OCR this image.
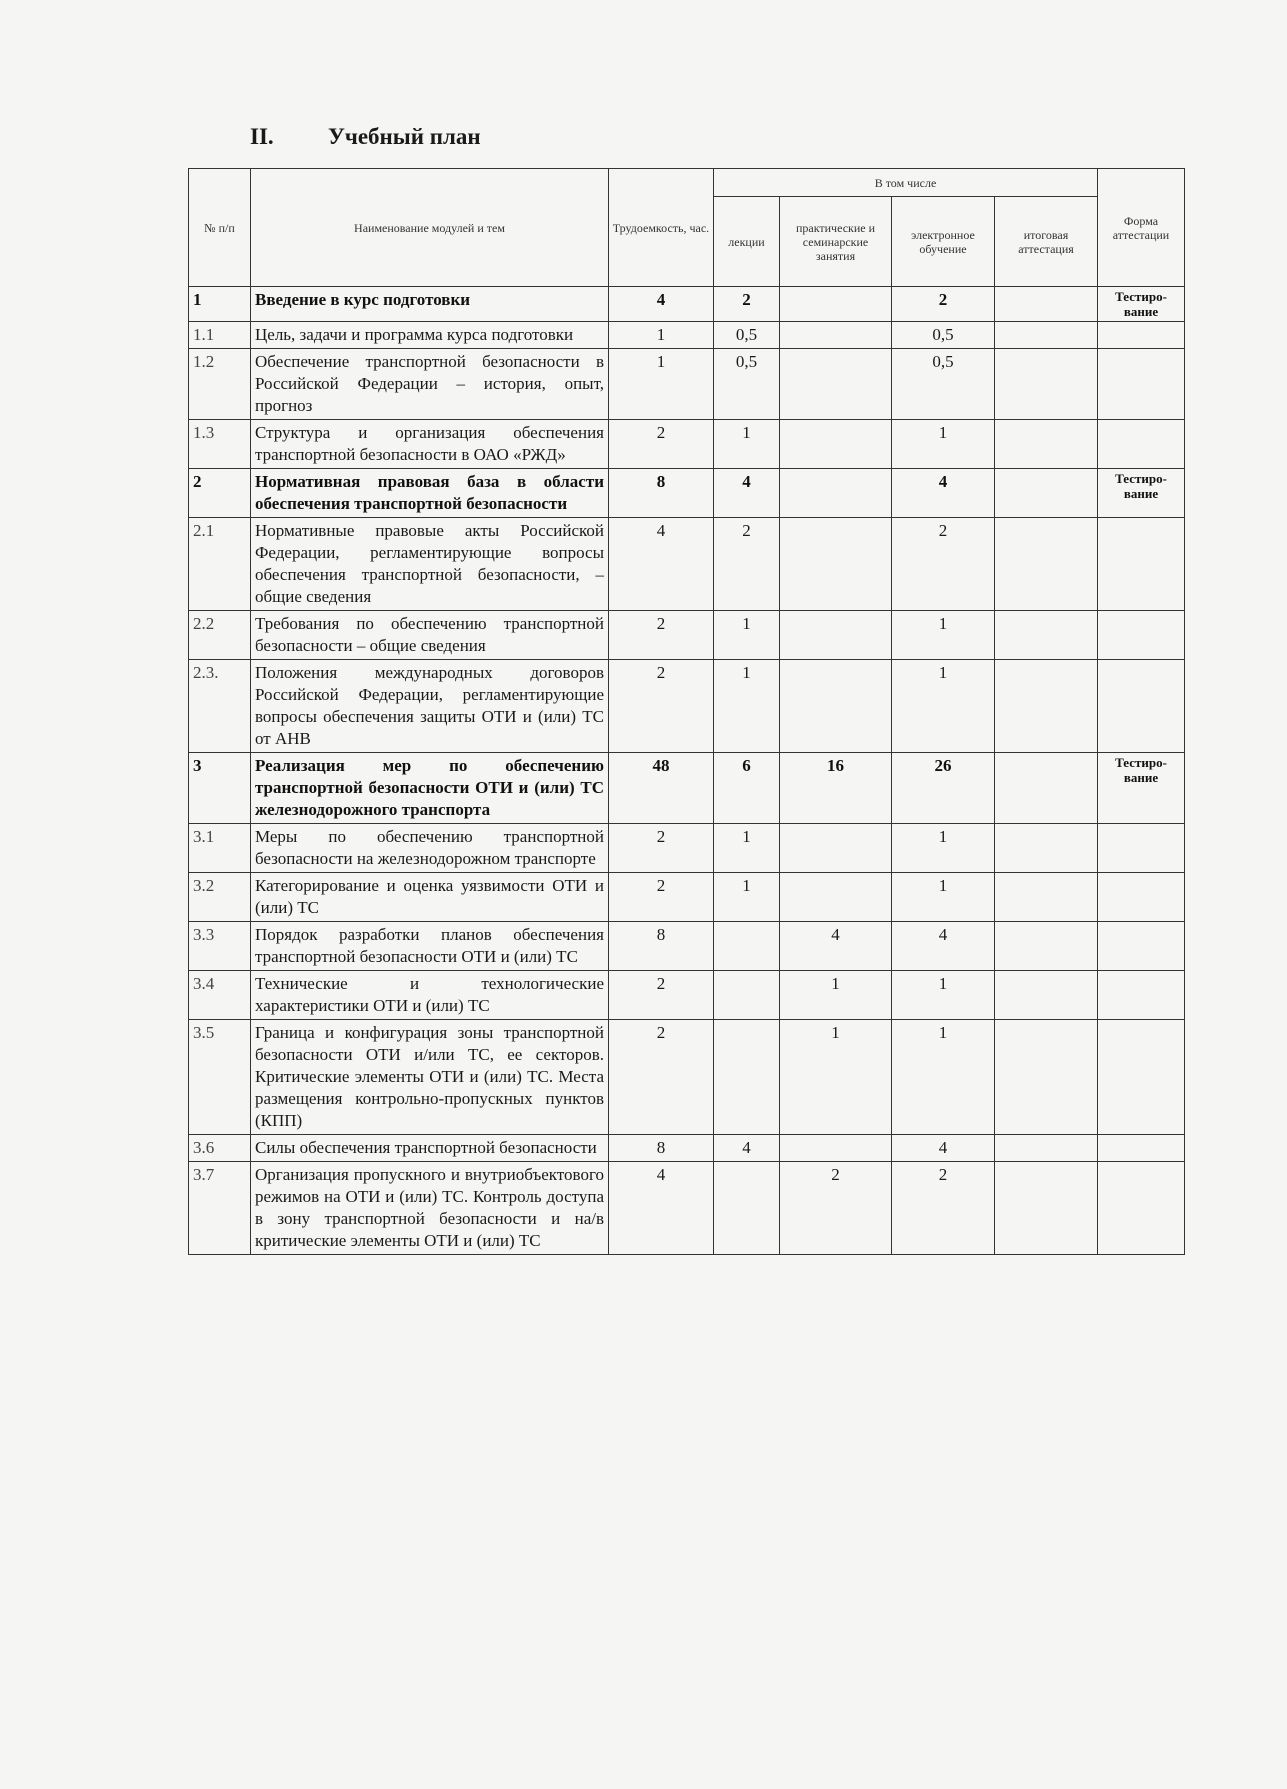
II. Учебный план
№ п/п	Наименование модулей и тем	Трудоемкость, час.	В том числе				Форма аттестации
			лекции	практические и семинарские занятия	электронное обучение	итоговая аттестация	
1	Введение в курс подготовки	4	2		2		Тестиро-вание
1.1	Цель, задачи и программа курса подготовки	1	0,5		0,5		
1.2	Обеспечение транспортной безопасности в Российской Федерации – история, опыт, прогноз	1	0,5		0,5		
1.3	Структура и организация обеспечения транспортной безопасности в ОАО «РЖД»	2	1		1		
2	Нормативная правовая база в области обеспечения транспортной безопасности	8	4		4		Тестиро-вание
2.1	Нормативные правовые акты Российской Федерации, регламентирующие вопросы обеспечения транспортной безопасности, – общие сведения	4	2		2		
2.2	Требования по обеспечению транспортной безопасности – общие сведения	2	1		1		
2.3.	Положения международных договоров Российской Федерации, регламентирующие вопросы обеспечения защиты ОТИ и (или) ТС от АНВ	2	1		1		
3	Реализация мер по обеспечению транспортной безопасности ОТИ и (или) ТС железнодорожного транспорта	48	6	16	26		Тестиро-вание
3.1	Меры по обеспечению транспортной безопасности на железнодорожном транспорте	2	1		1		
3.2	Категорирование и оценка уязвимости ОТИ и (или) ТС	2	1		1		
3.3	Порядок разработки планов обеспечения транспортной безопасности ОТИ и (или) ТС	8		4	4		
3.4	Технические и технологические характеристики ОТИ и (или) ТС	2		1	1		
3.5	Граница и конфигурация зоны транспортной безопасности ОТИ и/или ТС, ее секторов. Критические элементы ОТИ и (или) ТС. Места размещения контрольно-пропускных пунктов (КПП)	2		1	1		
3.6	Силы обеспечения транспортной безопасности	8	4		4		
3.7	Организация пропускного и внутриобъектового режимов на ОТИ и (или) ТС. Контроль доступа в зону транспортной безопасности и на/в критические элементы ОТИ и (или) ТС	4		2	2		
